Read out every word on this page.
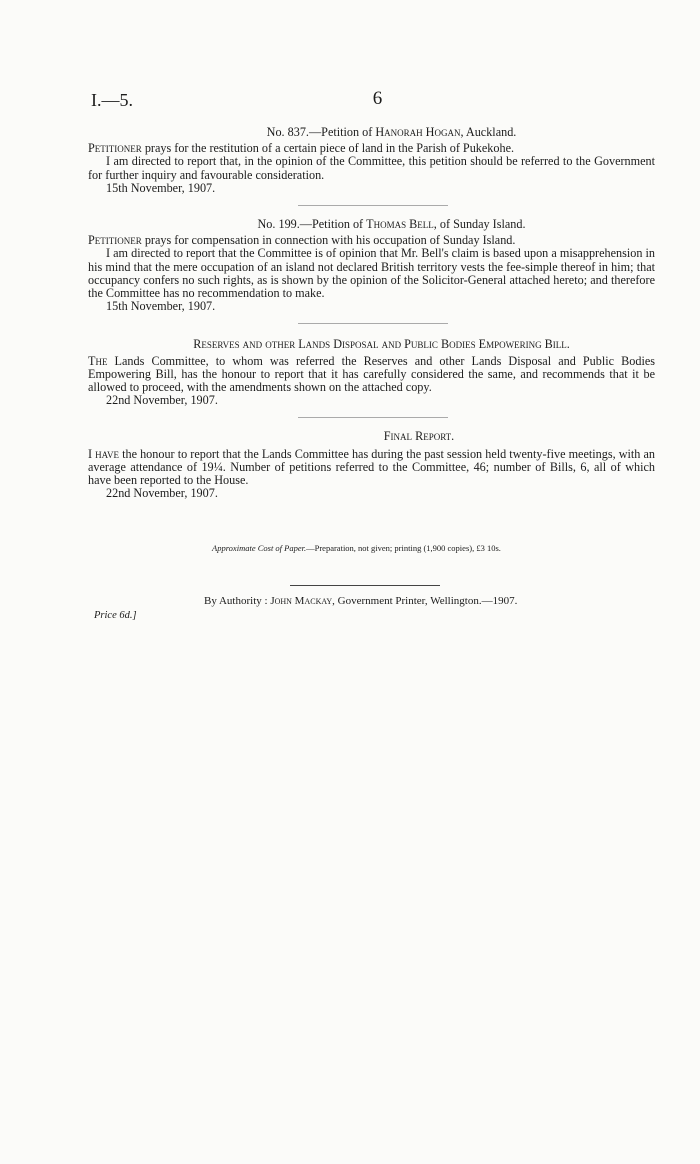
I.—5.	6

No. 837.—Petition of Hanorah Hogan, Auckland.

Petitioner prays for the restitution of a certain piece of land in the Parish of Pukekohe.

I am directed to report that, in the opinion of the Committee, this petition should be referred to the Government for further inquiry and favourable consideration.

15th November, 1907.

No. 199.—Petition of Thomas Bell, of Sunday Island.

Petitioner prays for compensation in connection with his occupation of Sunday Island.

I am directed to report that the Committee is of opinion that Mr. Bell's claim is based upon a misapprehension in his mind that the mere occupation of an island not declared British territory vests the fee-simple thereof in him; that occupancy confers no such rights, as is shown by the opinion of the Solicitor-General attached hereto; and therefore the Committee has no recommendation to make.

15th November, 1907.

Reserves and other Lands Disposal and Public Bodies Empowering Bill.

The Lands Committee, to whom was referred the Reserves and other Lands Disposal and Public Bodies Empowering Bill, has the honour to report that it has carefully considered the same, and recommends that it be allowed to proceed, with the amendments shown on the attached copy.

22nd November, 1907.

Final Report.

I have the honour to report that the Lands Committee has during the past session held twenty-five meetings, with an average attendance of 19¼. Number of petitions referred to the Committee, 46; number of Bills, 6, all of which have been reported to the House.

22nd November, 1907.

Approximate Cost of Paper.—Preparation, not given; printing (1,900 copies), £3 10s.
By Authority : John Mackay, Government Printer, Wellington.—1907.
Price 6d.]
